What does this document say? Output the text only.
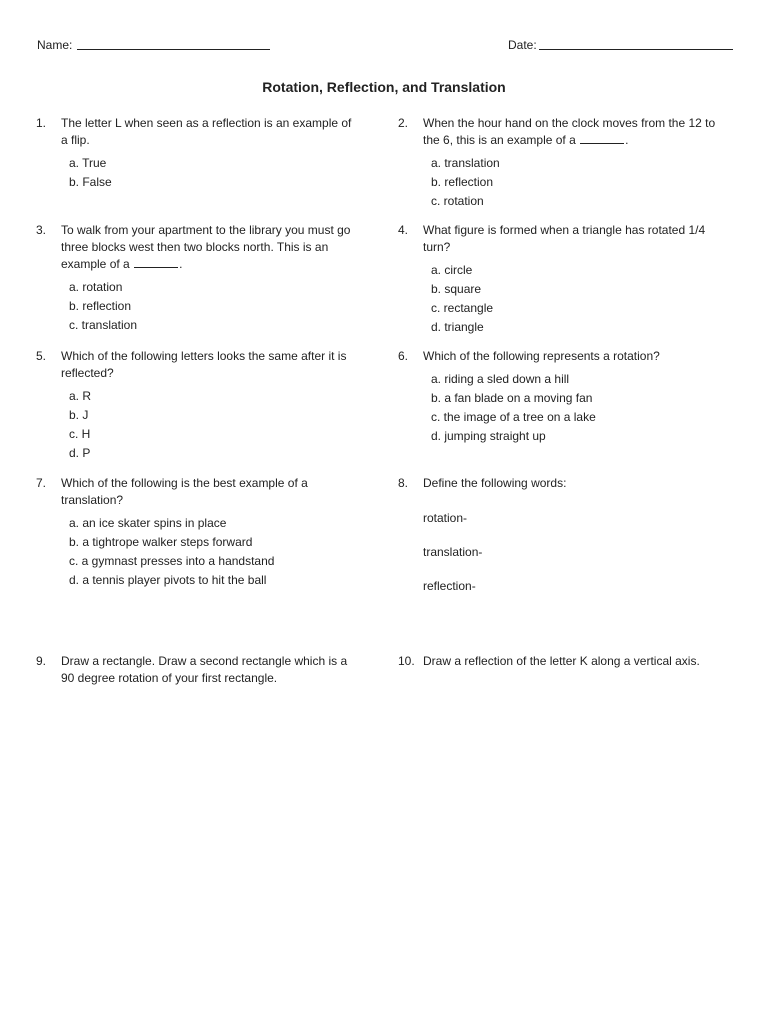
Name:	Date:
Rotation, Reflection, and Translation
1. The letter L when seen as a reflection is an example of a flip.
a. True
b. False
2. When the hour hand on the clock moves from the 12 to the 6, this is an example of a	.
a. translation
b. reflection
c. rotation
3. To walk from your apartment to the library you must go three blocks west then two blocks north. This is an example of a	.
a. rotation
b. reflection
c. translation
4. What figure is formed when a triangle has rotated 1/4 turn?
a. circle
b. square
c. rectangle
d. triangle
5. Which of the following letters looks the same after it is reflected?
a. R
b. J
c. H
d. P
6. Which of the following represents a rotation?
a. riding a sled down a hill
b. a fan blade on a moving fan
c. the image of a tree on a lake
d. jumping straight up
7. Which of the following is the best example of a translation?
a. an ice skater spins in place
b. a tightrope walker steps forward
c. a gymnast presses into a handstand
d. a tennis player pivots to hit the ball
8. Define the following words:
rotation-
translation-
reflection-
9. Draw a rectangle. Draw a second rectangle which is a 90 degree rotation of your first rectangle.
10. Draw a reflection of the letter K along a vertical axis.
